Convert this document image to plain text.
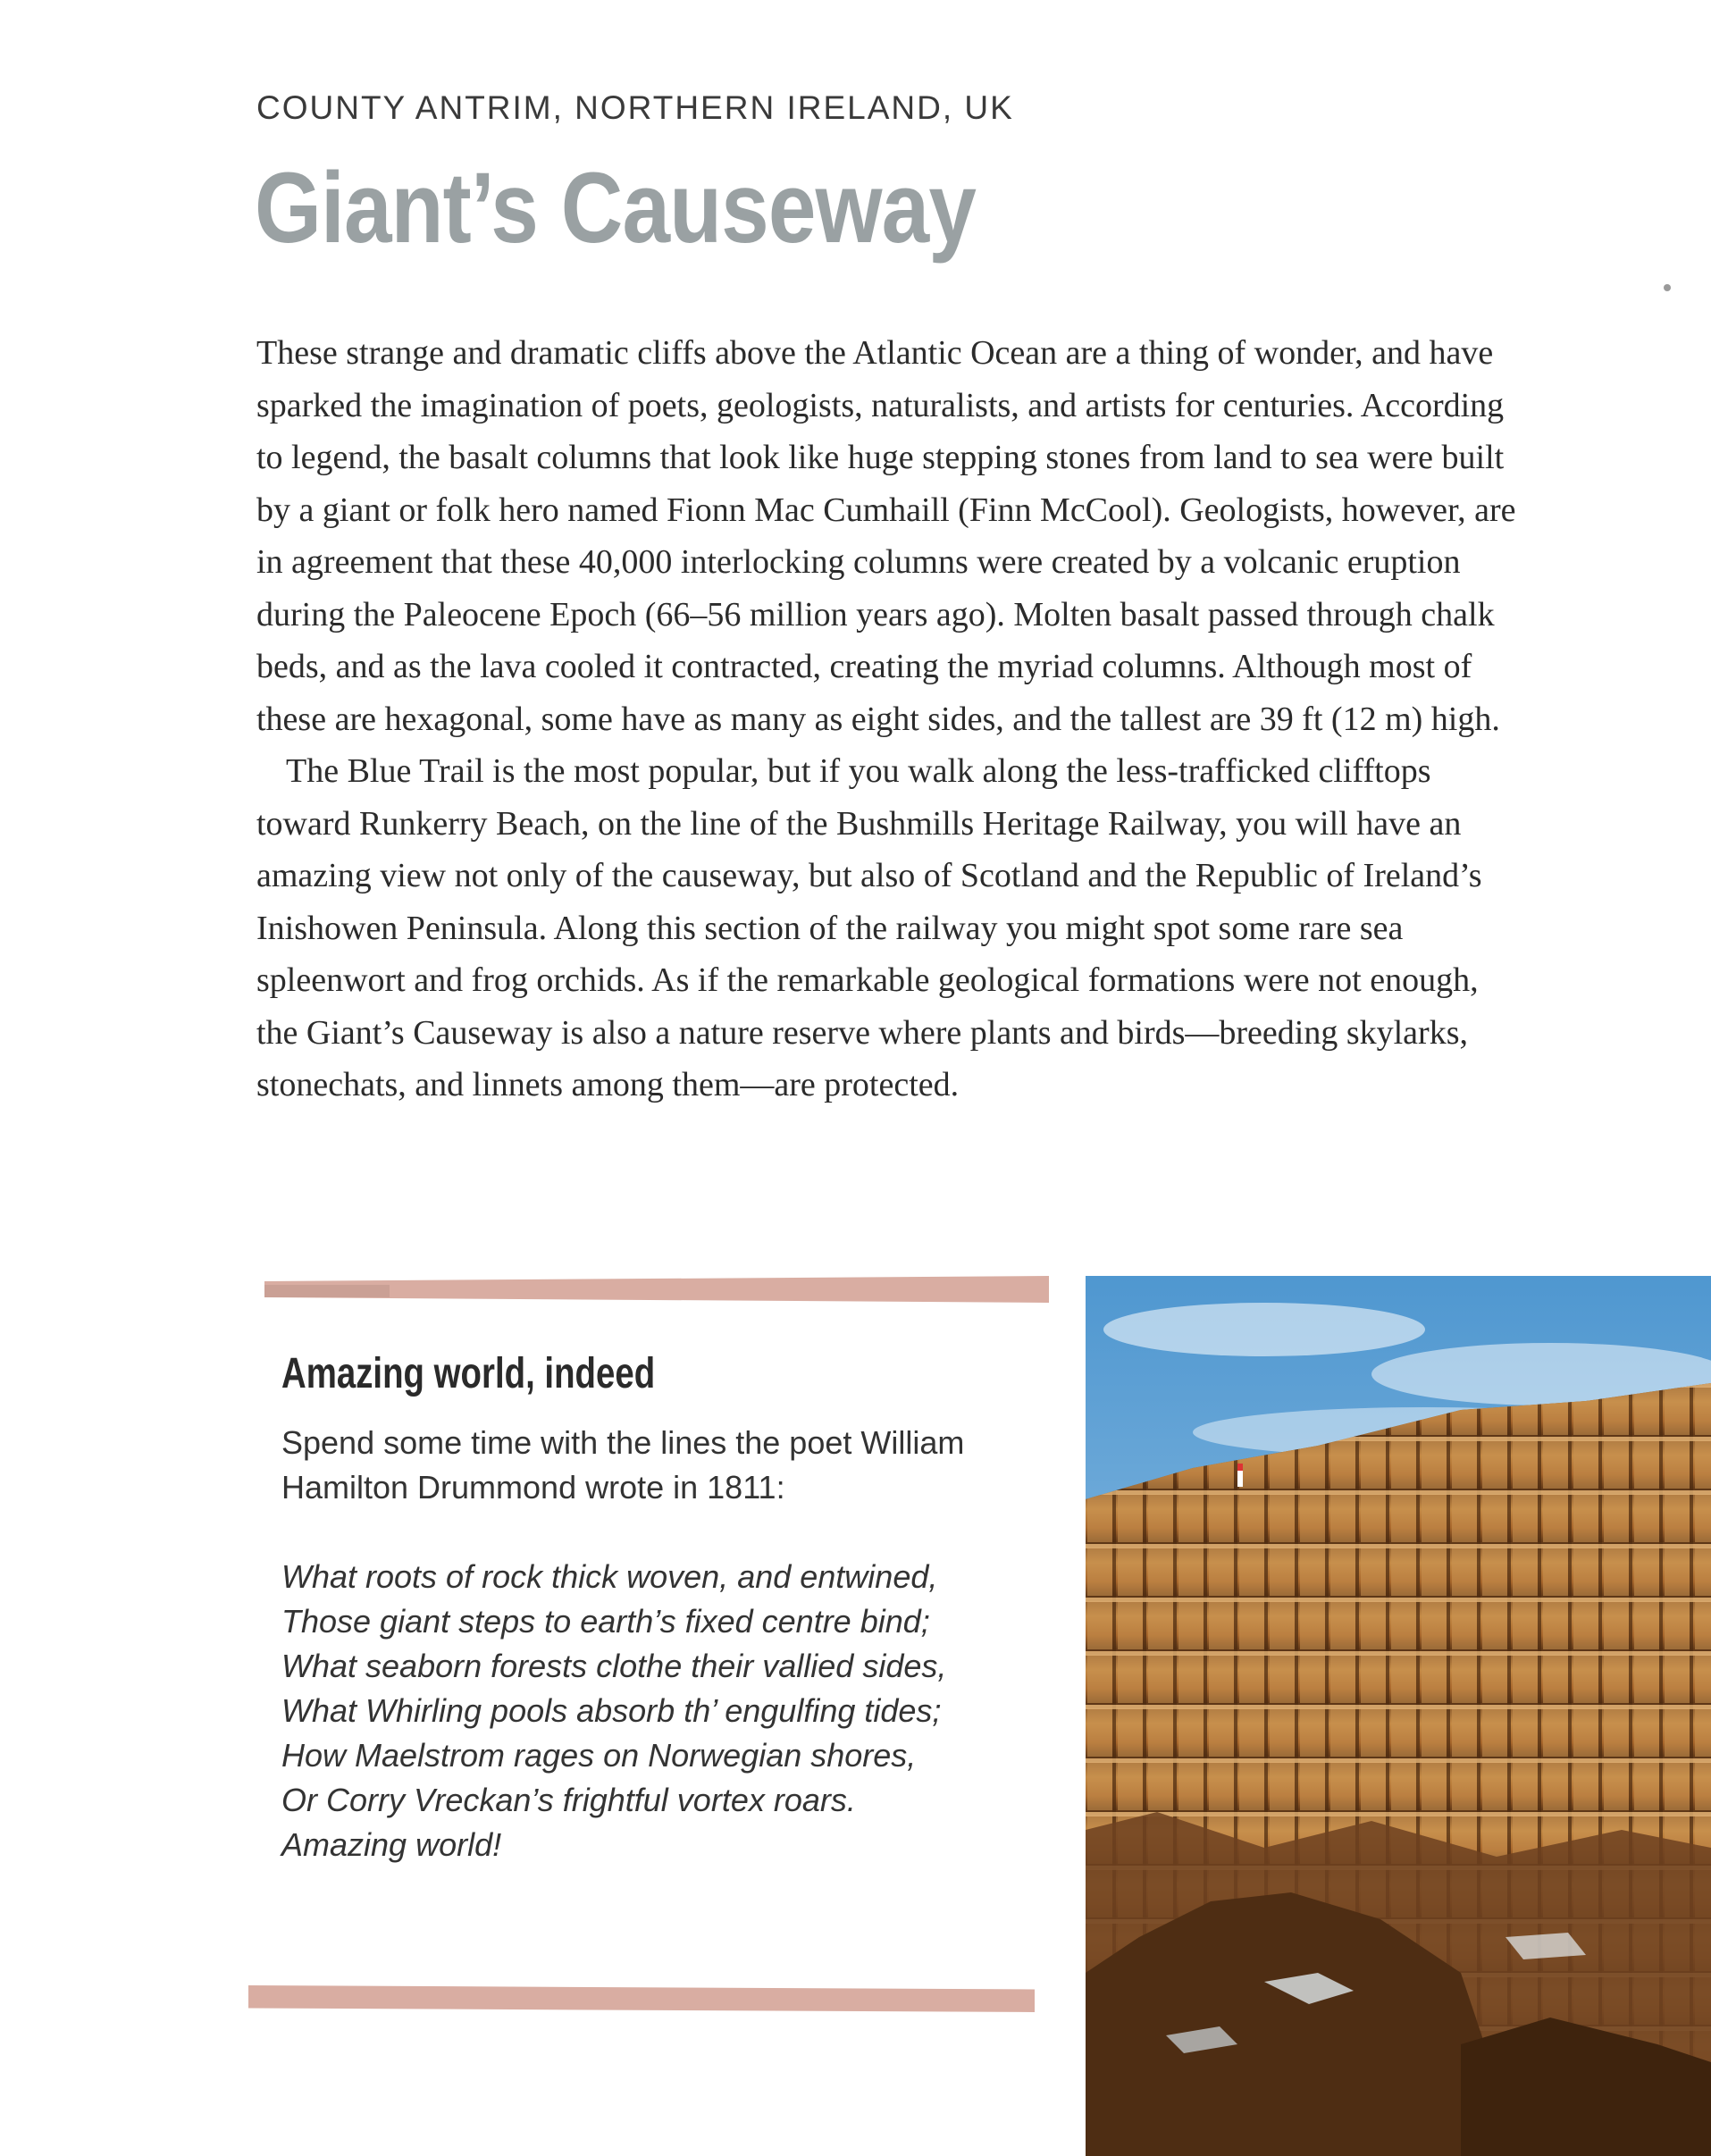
COUNTY ANTRIM, NORTHERN IRELAND, UK
Giant’s Causeway

These strange and dramatic cliffs above the Atlantic Ocean are a thing of wonder, and have sparked the imagination of poets, geologists, naturalists, and artists for centuries. According to legend, the basalt columns that look like huge stepping stones from land to sea were built by a giant or folk hero named Fionn Mac Cumhaill (Finn McCool). Geologists, however, are in agreement that these 40,000 interlocking columns were created by a volcanic eruption during the Paleocene Epoch (66–56 million years ago). Molten basalt passed through chalk beds, and as the lava cooled it contracted, creating the myriad columns. Although most of these are hexagonal, some have as many as eight sides, and the tallest are 39 ft (12 m) high.

The Blue Trail is the most popular, but if you walk along the less-trafficked clifftops toward Runkerry Beach, on the line of the Bushmills Heritage Railway, you will have an amazing view not only of the causeway, but also of Scotland and the Republic of Ireland’s Inishowen Peninsula. Along this section of the railway you might spot some rare sea spleenwort and frog orchids. As if the remarkable geological formations were not enough, the Giant’s Causeway is also a nature reserve where plants and birds—breeding skylarks, stonechats, and linnets among them—are protected.

Amazing world, indeed
Spend some time with the lines the poet William Hamilton Drummond wrote in 1811:
What roots of rock thick woven, and entwined,
Those giant steps to earth’s fixed centre bind;
What seaborn forests clothe their vallied sides,
What Whirling pools absorb th’ engulfing tides;
How Maelstrom rages on Norwegian shores,
Or Corry Vreckan’s frightful vortex roars.
Amazing world!
